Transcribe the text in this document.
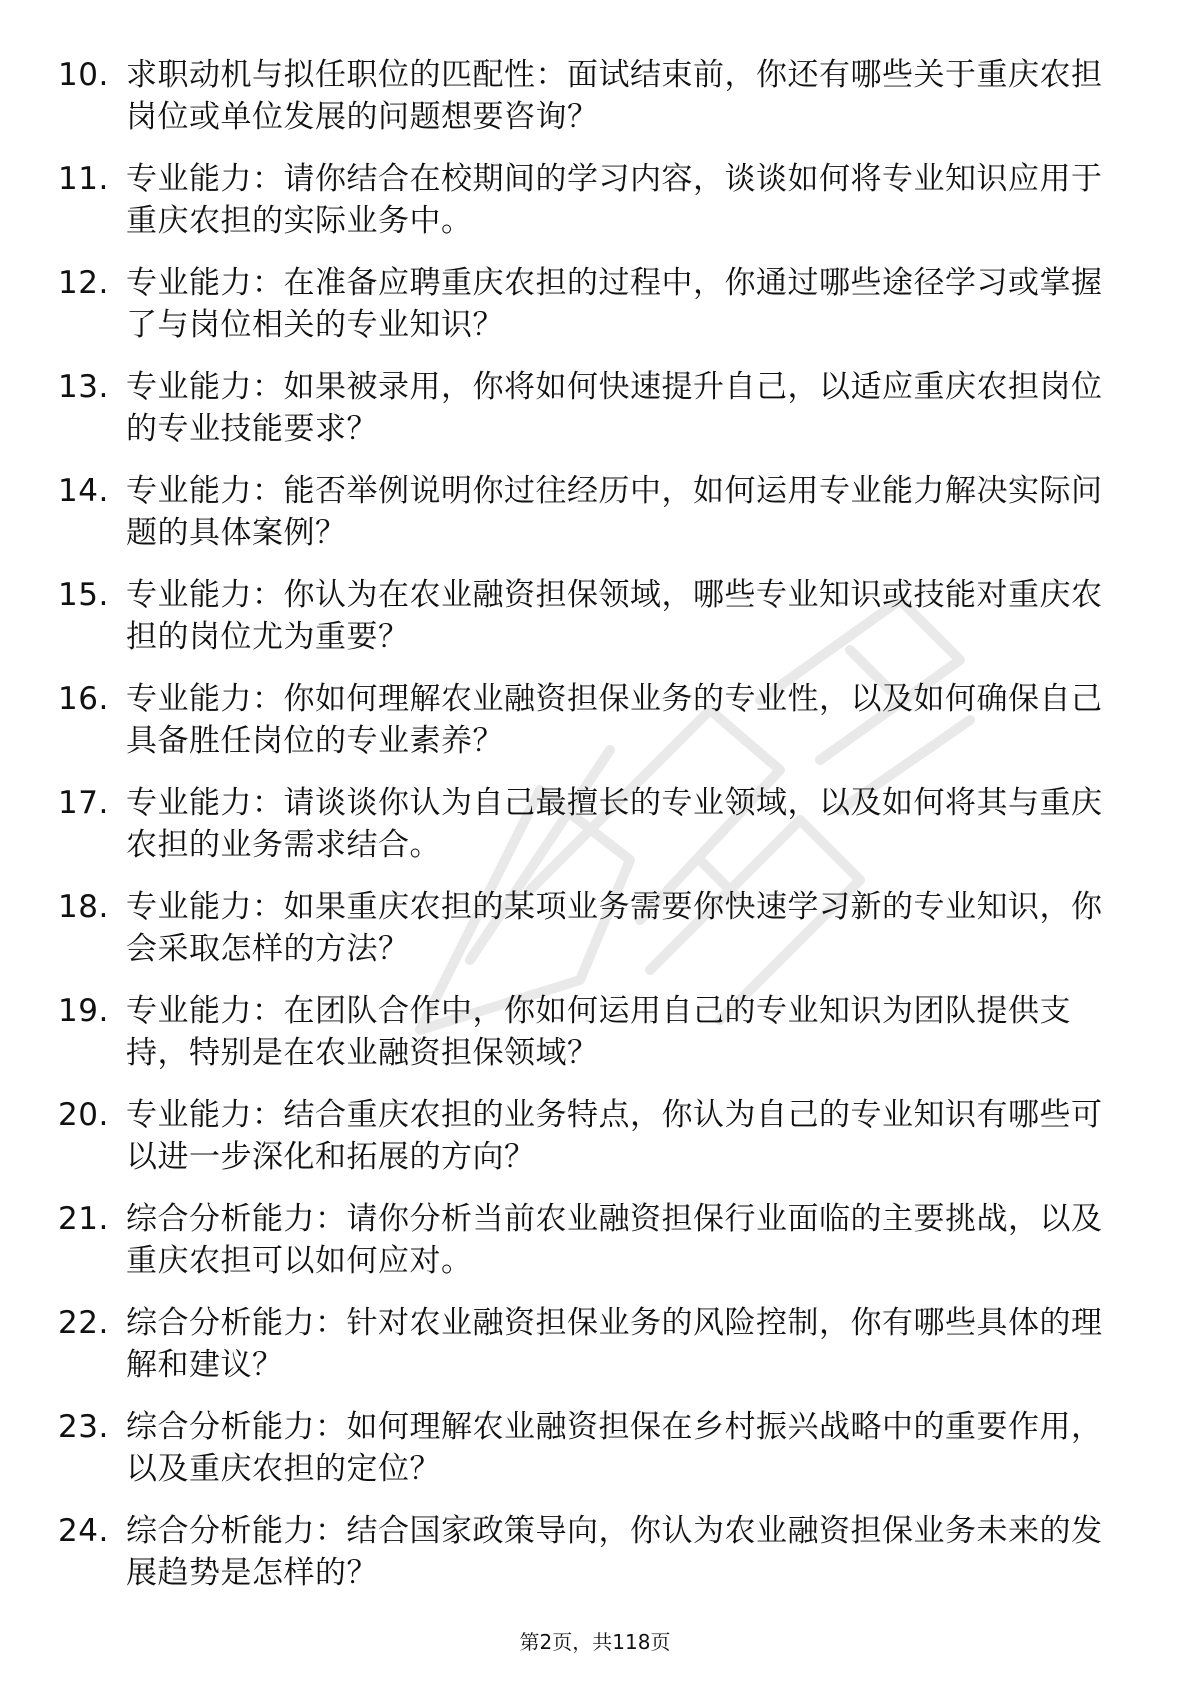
10. 求职动机与拟任职位的匹配性：面试结束前，你还有哪些关于重庆农担岗位或单位发展的问题想要咨询？
11. 专业能力：请你结合在校期间的学习内容，谈谈如何将专业知识应用于重庆农担的实际业务中。
12. 专业能力：在准备应聘重庆农担的过程中，你通过哪些途径学习或掌握了与岗位相关的专业知识？
13. 专业能力：如果被录用，你将如何快速提升自己，以适应重庆农担岗位的专业技能要求？
14. 专业能力：能否举例说明你过往经历中，如何运用专业能力解决实际问题的具体案例？
15. 专业能力：你认为在农业融资担保领域，哪些专业知识或技能对重庆农担的岗位尤为重要？
16. 专业能力：你如何理解农业融资担保业务的专业性，以及如何确保自己具备胜任岗位的专业素养？
17. 专业能力：请谈谈你认为自己最擅长的专业领域，以及如何将其与重庆农担的业务需求结合。
18. 专业能力：如果重庆农担的某项业务需要你快速学习新的专业知识，你会采取怎样的方法？
19. 专业能力：在团队合作中，你如何运用自己的专业知识为团队提供支持，特别是在农业融资担保领域？
20. 专业能力：结合重庆农担的业务特点，你认为自己的专业知识有哪些可以进一步深化和拓展的方向？
21. 综合分析能力：请你分析当前农业融资担保行业面临的主要挑战，以及重庆农担可以如何应对。
22. 综合分析能力：针对农业融资担保业务的风险控制，你有哪些具体的理解和建议？
23. 综合分析能力：如何理解农业融资担保在乡村振兴战略中的重要作用，以及重庆农担的定位？
24. 综合分析能力：结合国家政策导向，你认为农业融资担保业务未来的发展趋势是怎样的？
第2页，共118页
